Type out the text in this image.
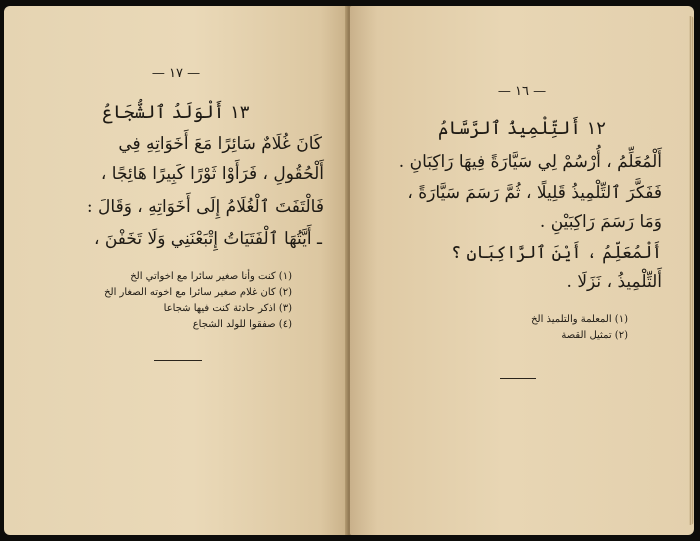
— ١٧ —
١٣ أَلْوَلَدُ ٱلشُّجَاعُ
كَانَ غُلَامٌ سَائِرًا مَعَ أَخَوَاتِهِ فِي
أَلْحُقُولِ ، فَرَأَوْا ثَوْرًا كَبِيرًا هَائِجًا ،
فَالْتَفَتَ ٱلْغُلَامُ إِلَى أَخَوَاتِهِ ، وَقَالَ :
ـ أَيَّتُهَا ٱلْفَتَيَاتُ إِتْبَعْنَنِي وَلَا تَخَفْنَ ،
(١) كنت وأنا صغير سائرا مع اخواتي الخ
(٢) كان غلام صغير سائرا مع اخوته الصغار الخ
(٣) اذكر حادثة كنت فيها شجاعا
(٤) صفقوا للولد الشجاع
— ١٦ —
١٢ أَلتِّلْمِيذُ ٱلرَّسَّامُ
أَلْمُعَلِّمُ ، أُرْسُمْ لِي سَيَّارَةً فِيهَا رَاكِبَانِ .
فَفَكَّرَ ٱلتِّلْمِيذُ قَلِيلًا ، ثُمَّ رَسَمَ سَيَّارَةً ،
وَمَا رَسَمَ رَاكِبَيْنِ .
أَلْمُعَلِّمُ ، أَيْنَ ٱلرَّاكِبَانِ ؟
أَلتِّلْمِيذُ ، نَزَلَا .
(١) المعلمة والتلميذ الخ
(٢) تمثيل القصة
